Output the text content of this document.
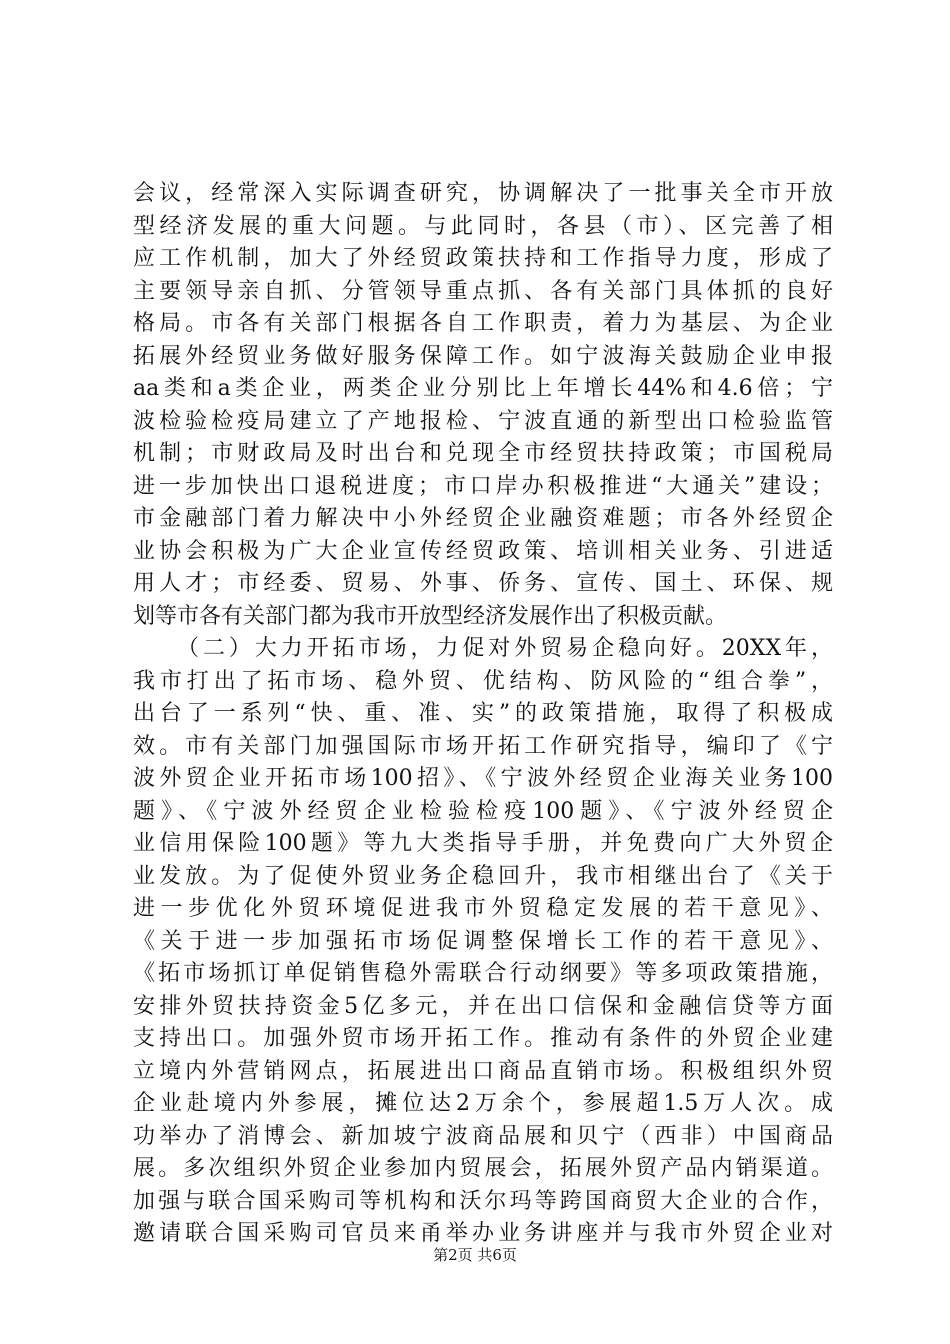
会议，经常深入实际调查研究，协调解决了一批事关全市开放
型经济发展的重大问题。与此同时，各县（市）、区完善了相
应工作机制，加大了外经贸政策扶持和工作指导力度，形成了
主要领导亲自抓、分管领导重点抓、各有关部门具体抓的良好
格局。市各有关部门根据各自工作职责，着力为基层、为企业
拓展外经贸业务做好服务保障工作。如宁波海关鼓励企业申报
aa类和a类企业，两类企业分别比上年增长44%和4.6倍；宁
波检验检疫局建立了产地报检、宁波直通的新型出口检验监管
机制；市财政局及时出台和兑现全市经贸扶持政策；市国税局
进一步加快出口退税进度；市口岸办积极推进“大通关”建设；
市金融部门着力解决中小外经贸企业融资难题；市各外经贸企
业协会积极为广大企业宣传经贸政策、培训相关业务、引进适
用人才；市经委、贸易、外事、侨务、宣传、国土、环保、规
划等市各有关部门都为我市开放型经济发展作出了积极贡献。
（二）大力开拓市场，力促对外贸易企稳向好。20XX年，
我市打出了拓市场、稳外贸、优结构、防风险的“组合拳”，
出台了一系列“快、重、准、实”的政策措施，取得了积极成
效。市有关部门加强国际市场开拓工作研究指导，编印了《宁
波外贸企业开拓市场100招》、《宁波外经贸企业海关业务100
题》、《宁波外经贸企业检验检疫100题》、《宁波外经贸企
业信用保险100题》等九大类指导手册，并免费向广大外贸企
业发放。为了促使外贸业务企稳回升，我市相继出台了《关于
进一步优化外贸环境促进我市外贸稳定发展的若干意见》、
《关于进一步加强拓市场促调整保增长工作的若干意见》、
《拓市场抓订单促销售稳外需联合行动纲要》等多项政策措施，
安排外贸扶持资金5亿多元，并在出口信保和金融信贷等方面
支持出口。加强外贸市场开拓工作。推动有条件的外贸企业建
立境内外营销网点，拓展进出口商品直销市场。积极组织外贸
企业赴境内外参展，摊位达2万余个，参展超1.5万人次。成
功举办了消博会、新加坡宁波商品展和贝宁（西非）中国商品
展。多次组织外贸企业参加内贸展会，拓展外贸产品内销渠道。
加强与联合国采购司等机构和沃尔玛等跨国商贸大企业的合作，
邀请联合国采购司官员来甬举办业务讲座并与我市外贸企业对
第2页 共6页
